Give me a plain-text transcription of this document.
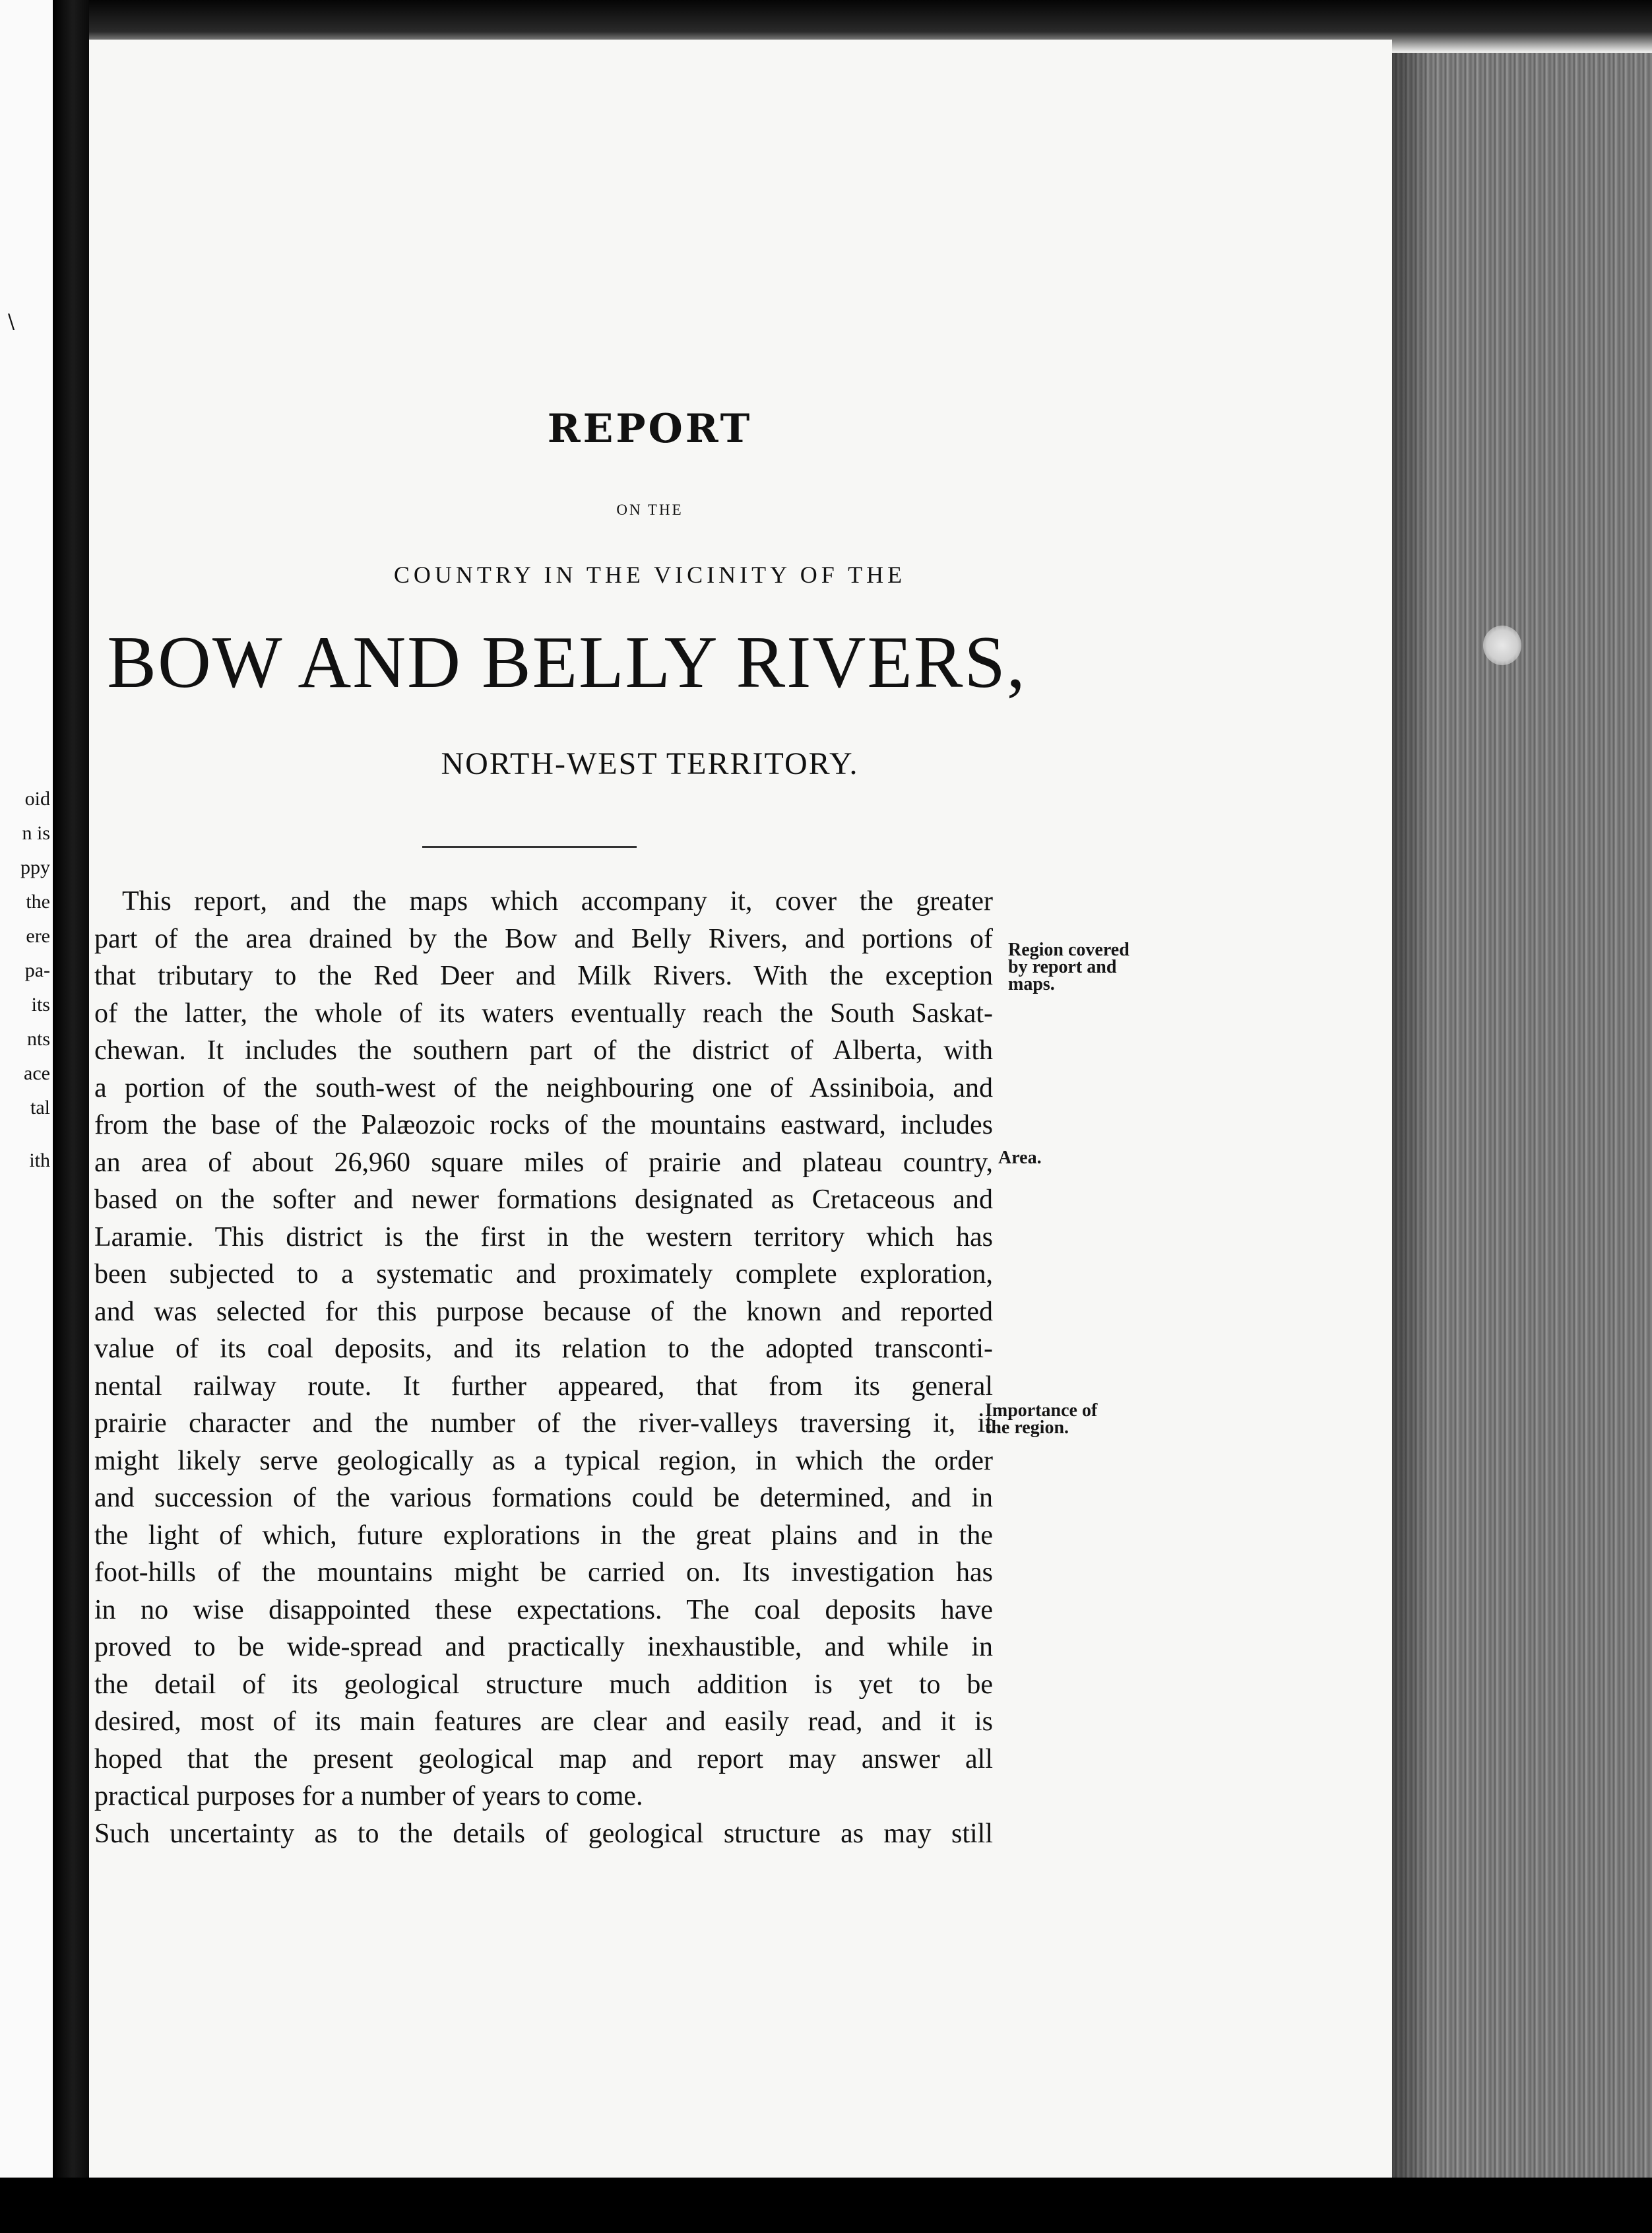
\
oid
n is
ppy
the
ere
pa-
its
nts
ace
tal
ith
REPORT
ON THE
COUNTRY IN THE VICINITY OF THE
BOW AND BELLY RIVERS,
NORTH-WEST TERRITORY.
This report, and the maps which accompany it, cover the greater
part of the area drained by the Bow and Belly Rivers, and portions of
that tributary to the Red Deer and Milk Rivers. With the exception
of the latter, the whole of its waters eventually reach the South Saskat-
chewan. It includes the southern part of the district of Alberta, with
a portion of the south-west of the neighbouring one of Assiniboia, and
from the base of the Palæozoic rocks of the mountains eastward, includes
an area of about 26,960 square miles of prairie and plateau country,
based on the softer and newer formations designated as Cretaceous and
Laramie. This district is the first in the western territory which has
been subjected to a systematic and proximately complete exploration,
and was selected for this purpose because of the known and reported
value of its coal deposits, and its relation to the adopted transconti-
nental railway route. It further appeared, that from its general
prairie character and the number of the river-valleys traversing it, it
might likely serve geologically as a typical region, in which the order
and succession of the various formations could be determined, and in
the light of which, future explorations in the great plains and in the
foot-hills of the mountains might be carried on. Its investigation has
in no wise disappointed these expectations. The coal deposits have
proved to be wide-spread and practically inexhaustible, and while in
the detail of its geological structure much addition is yet to be
desired, most of its main features are clear and easily read, and it is
hoped that the present geological map and report may answer all
practical purposes for a number of years to come.
Such uncertainty as to the details of geological structure as may still
Region covered
by report and
maps.
Area.
Importance of
the region.
